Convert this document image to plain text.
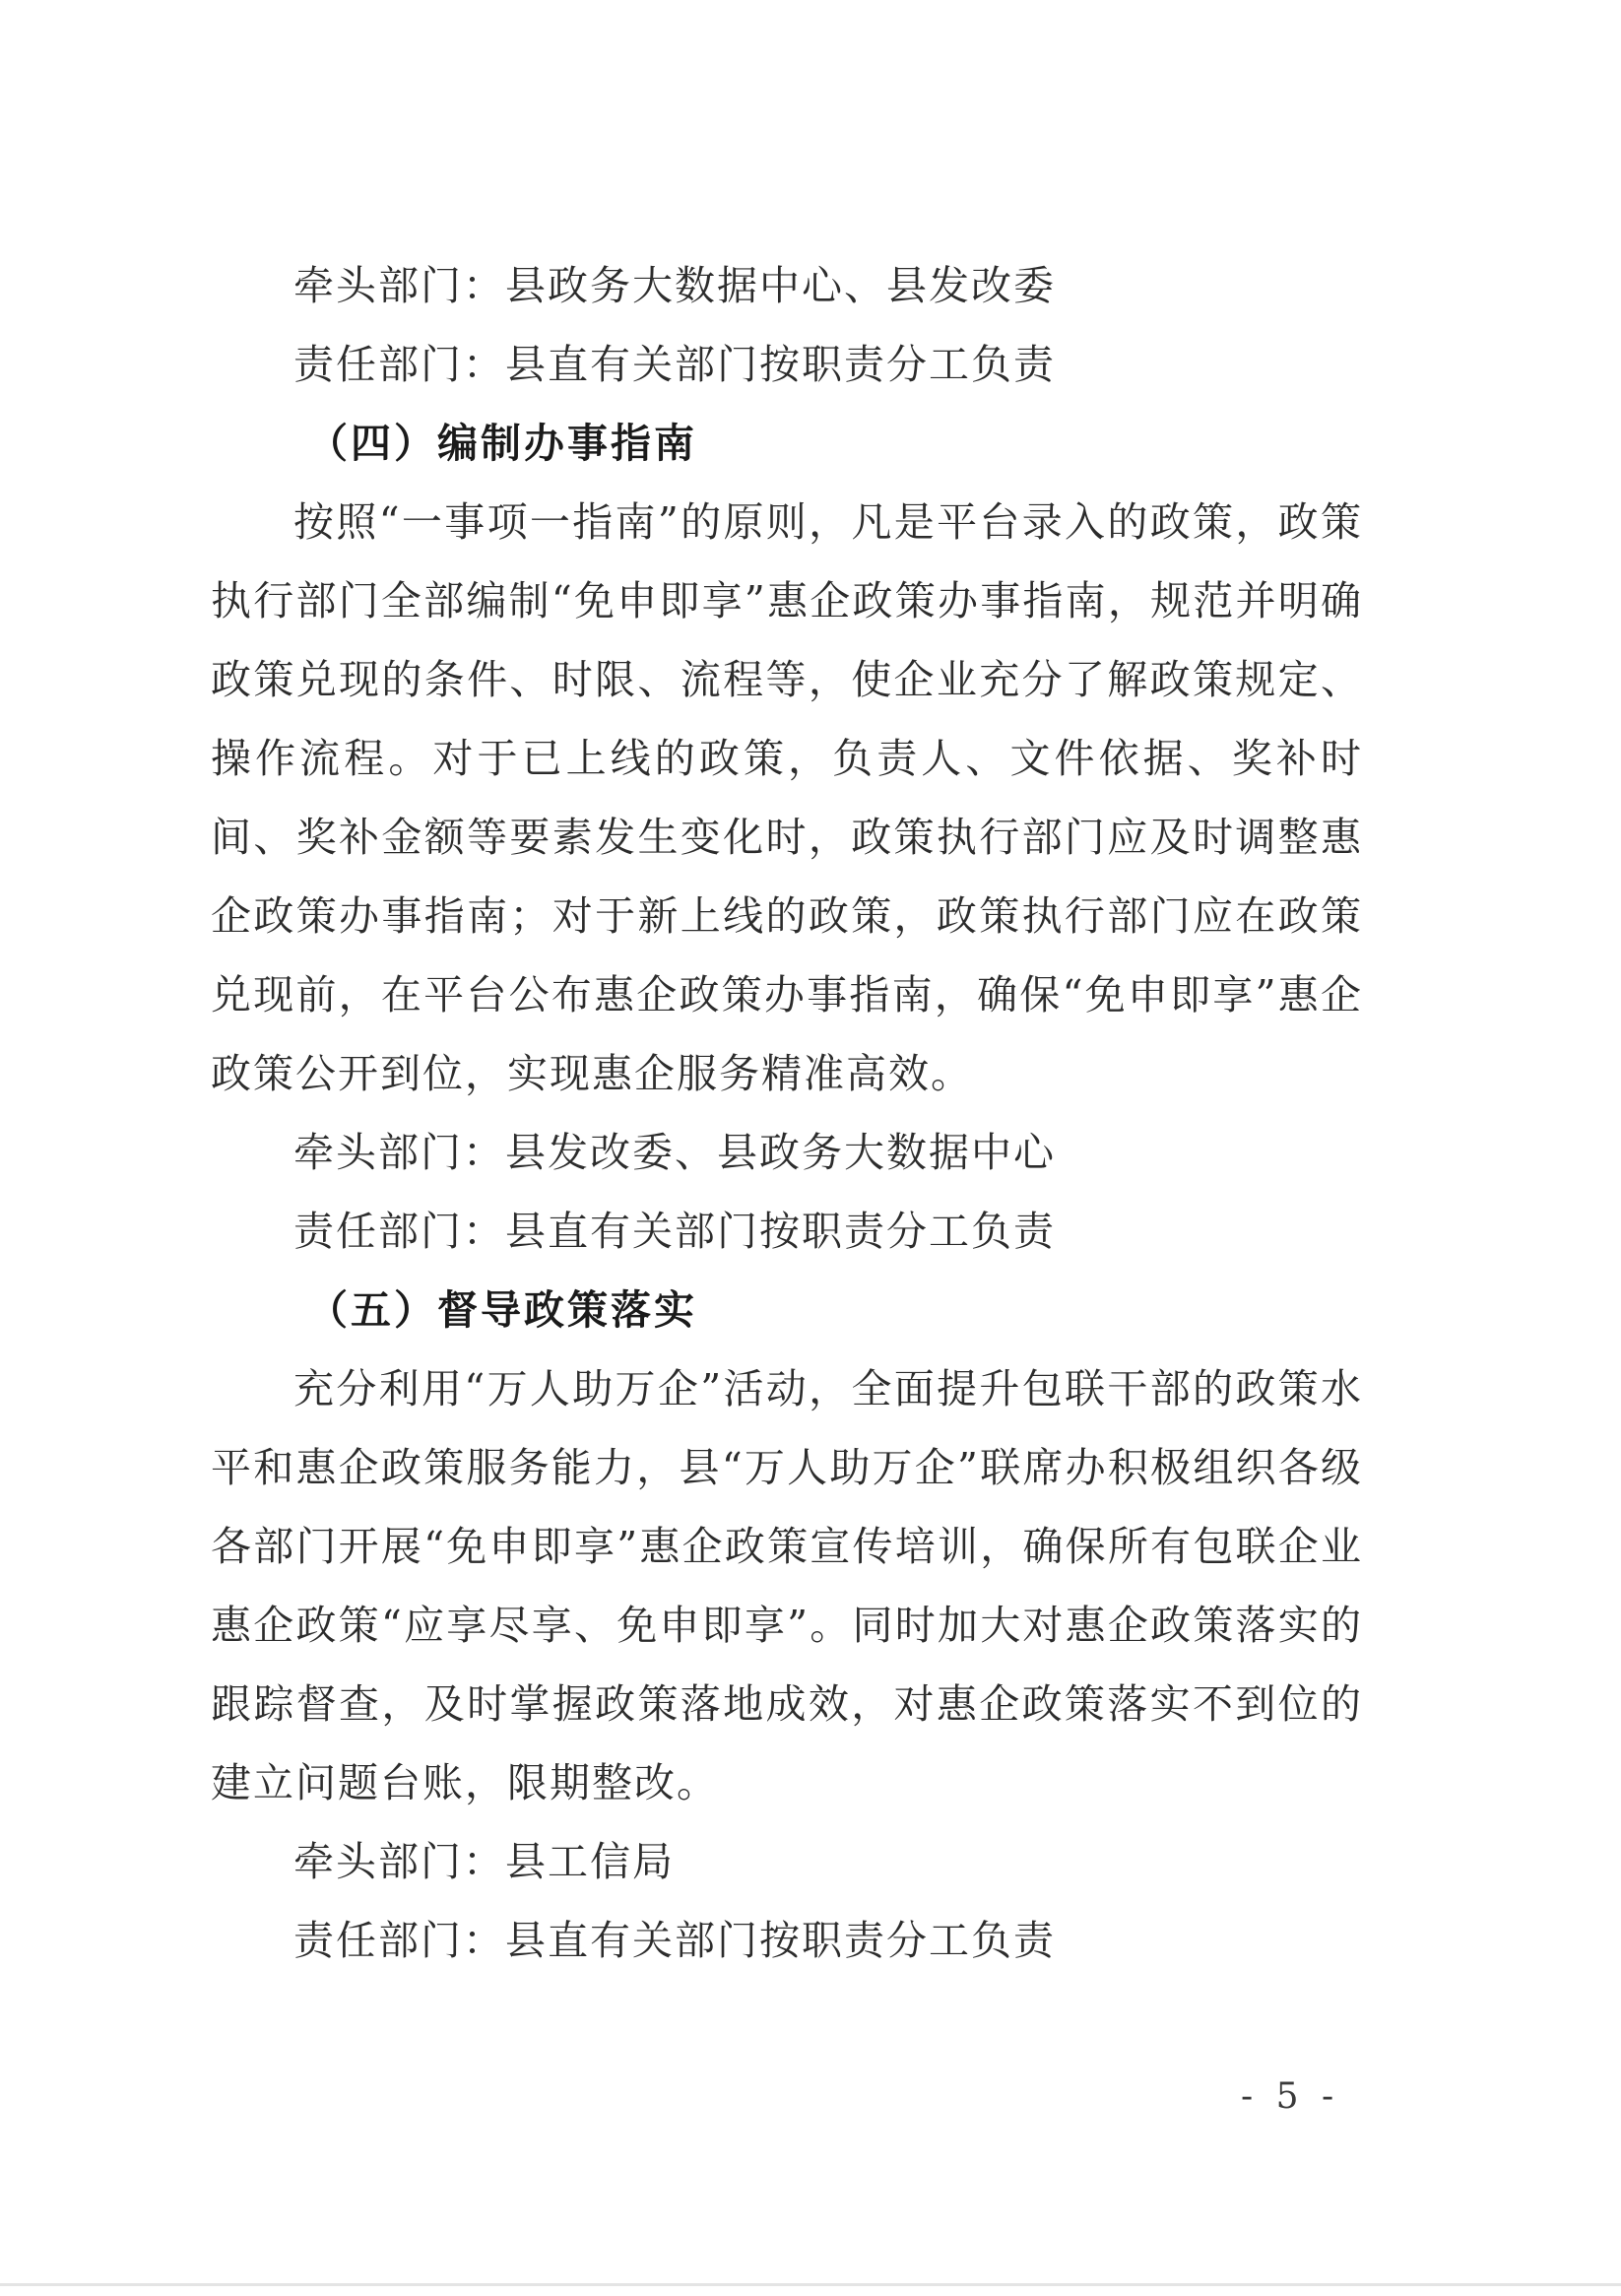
牵头部门：县政务大数据中心、县发改委
责任部门：县直有关部门按职责分工负责
（四）编制办事指南
按照“一事项一指南”的原则，凡是平台录入的政策，政策执行部门全部编制“免申即享”惠企政策办事指南，规范并明确政策兑现的条件、时限、流程等，使企业充分了解政策规定、操作流程。对于已上线的政策，负责人、文件依据、奖补时间、奖补金额等要素发生变化时，政策执行部门应及时调整惠企政策办事指南；对于新上线的政策，政策执行部门应在政策兑现前，在平台公布惠企政策办事指南，确保“免申即享”惠企政策公开到位，实现惠企服务精准高效。
牵头部门：县发改委、县政务大数据中心
责任部门：县直有关部门按职责分工负责
（五）督导政策落实
充分利用“万人助万企”活动，全面提升包联干部的政策水平和惠企政策服务能力，县“万人助万企”联席办积极组织各级各部门开展“免申即享”惠企政策宣传培训，确保所有包联企业惠企政策“应享尽享、免申即享”。同时加大对惠企政策落实的跟踪督查，及时掌握政策落地成效，对惠企政策落实不到位的建立问题台账，限期整改。
牵头部门：县工信局
责任部门：县直有关部门按职责分工负责
- 5 -
